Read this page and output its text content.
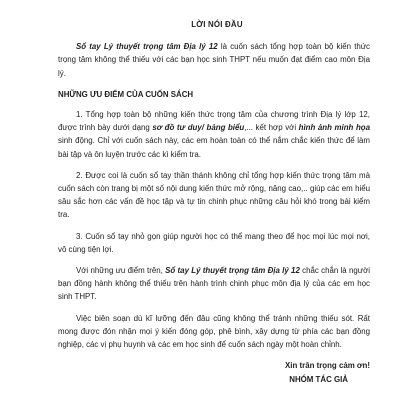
LỜI NÓI ĐẦU

Sổ tay Lý thuyết trọng tâm Địa lý 12 là cuốn sách tổng hợp toàn bộ kiến thức trọng tâm không thể thiếu với các bạn học sinh THPT nếu muốn đạt điểm cao môn Địa lý.

NHỮNG ƯU ĐIỂM CỦA CUỐN SÁCH

1. Tổng hợp toàn bộ những kiến thức trọng tâm của chương trình Địa lý lớp 12, được trình bày dưới dạng sơ đồ tư duy/ bảng biểu,... kết hợp với hình ảnh minh họa sinh động. Chỉ với cuốn sách này, các em hoàn toàn có thể nắm chắc kiến thức để làm bài tập và ôn luyện trước các kì kiểm tra.

2. Được coi là cuốn sổ tay thần thánh không chỉ tổng hợp kiến thức trọng tâm mà cuốn sách còn trang bị một số nội dung kiến thức mở rộng, nâng cao,.. giúp các em hiểu sâu sắc hơn các vấn đề học tập và tự tin chinh phục những câu hỏi khó trong bài kiểm tra.

3. Cuốn sổ tay nhỏ gọn giúp người học có thể mang theo để học mọi lúc mọi nơi, vô cùng tiện lợi.

Với những ưu điểm trên, Sổ tay Lý thuyết trọng tâm Địa lý 12 chắc chắn là người bạn đồng hành không thể thiếu trên hành trình chinh phục môn địa lý của các em học sinh THPT.

Việc biên soạn dù kĩ lưỡng đến đâu cũng không thể tránh những thiếu sót. Rất mong được đón nhận mọi ý kiến đóng góp, phê bình, xây dựng từ phía các bạn đồng nghiệp, các vị phụ huynh và các em học sinh để cuốn sách ngày một hoàn chỉnh.

Xin trân trọng cảm ơn!

NHÓM TÁC GIẢ
